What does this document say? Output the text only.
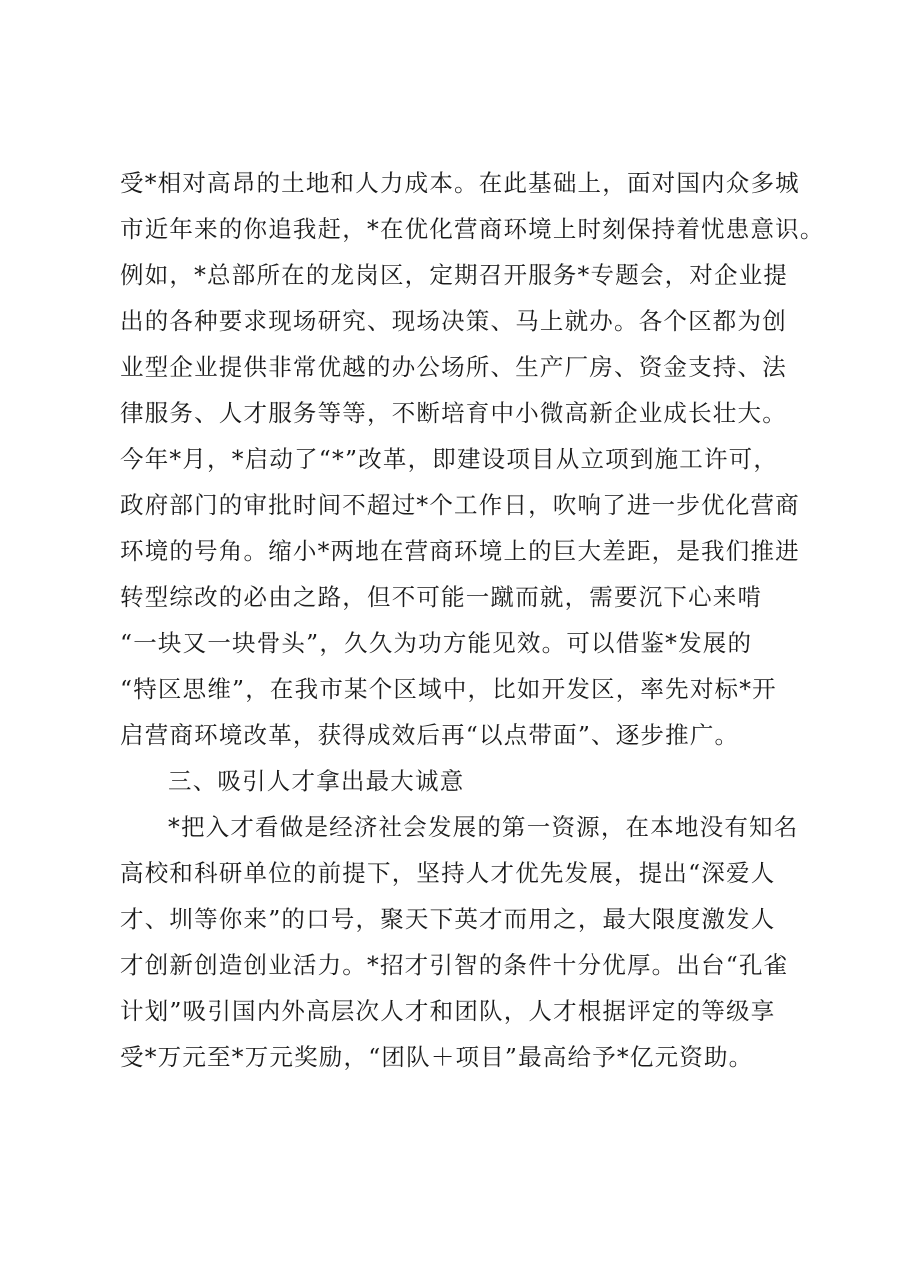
受*相对高昂的土地和人力成本。在此基础上，面对国内众多城
市近年来的你追我赶，*在优化营商环境上时刻保持着忧患意识。
例如，*总部所在的龙岗区，定期召开服务*专题会，对企业提
出的各种要求现场研究、现场决策、马上就办。各个区都为创
业型企业提供非常优越的办公场所、生产厂房、资金支持、法
律服务、人才服务等等，不断培育中小微高新企业成长壮大。
今年*月，*启动了“*”改革，即建设项目从立项到施工许可，
政府部门的审批时间不超过*个工作日，吹响了进一步优化营商
环境的号角。缩小*两地在营商环境上的巨大差距，是我们推进
转型综改的必由之路，但不可能一蹴而就，需要沉下心来啃
“一块又一块骨头”，久久为功方能见效。可以借鉴*发展的
“特区思维”，在我市某个区域中，比如开发区，率先对标*开
启营商环境改革，获得成效后再“以点带面”、逐步推广。
三、吸引人才拿出最大诚意
*把入才看做是经济社会发展的第一资源，在本地没有知名
高校和科研单位的前提下，坚持人才优先发展，提出“深爱人
才、圳等你来”的口号，聚天下英才而用之，最大限度激发人
才创新创造创业活力。*招才引智的条件十分优厚。出台“孔雀
计划”吸引国内外高层次人才和团队，人才根据评定的等级享
受*万元至*万元奖励，“团队＋项目”最高给予*亿元资助。
